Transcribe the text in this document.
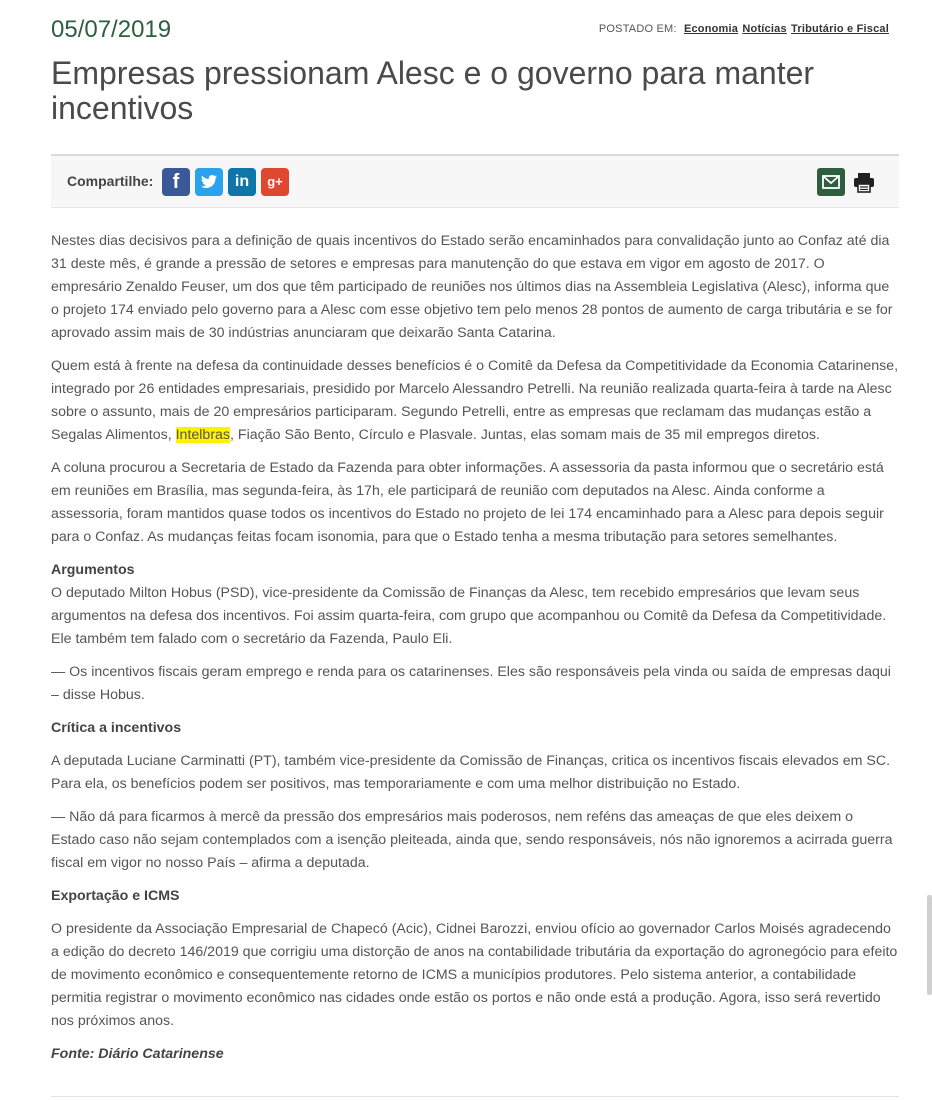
05/07/2019	POSTADO EM: Economia Notícias Tributário e Fiscal
Empresas pressionam Alesc e o governo para manter incentivos
Compartilhe: f	in	g+

Nestes dias decisivos para a definição de quais incentivos do Estado serão encaminhados para convalidação junto ao Confaz até dia 31 deste mês, é grande a pressão de setores e empresas para manutenção do que estava em vigor em agosto de 2017. O empresário Zenaldo Feuser, um dos que têm participado de reuniões nos últimos dias na Assembleia Legislativa (Alesc), informa que o projeto 174 enviado pelo governo para a Alesc com esse objetivo tem pelo menos 28 pontos de aumento de carga tributária e se for aprovado assim mais de 30 indústrias anunciaram que deixarão Santa Catarina.

Quem está à frente na defesa da continuidade desses benefícios é o Comitê da Defesa da Competitividade da Economia Catarinense, integrado por 26 entidades empresariais, presidido por Marcelo Alessandro Petrelli. Na reunião realizada quarta-feira à tarde na Alesc sobre o assunto, mais de 20 empresários participaram. Segundo Petrelli, entre as empresas que reclamam das mudanças estão a Segalas Alimentos, Intelbras, Fiação São Bento, Círculo e Plasvale. Juntas, elas somam mais de 35 mil empregos diretos.

A coluna procurou a Secretaria de Estado da Fazenda para obter informações. A assessoria da pasta informou que o secretário está em reuniões em Brasília, mas segunda-feira, às 17h, ele participará de reunião com deputados na Alesc. Ainda conforme a assessoria, foram mantidos quase todos os incentivos do Estado no projeto de lei 174 encaminhado para a Alesc para depois seguir para o Confaz. As mudanças feitas focam isonomia, para que o Estado tenha a mesma tributação para setores semelhantes.

Argumentos

O deputado Milton Hobus (PSD), vice-presidente da Comissão de Finanças da Alesc, tem recebido empresários que levam seus argumentos na defesa dos incentivos. Foi assim quarta-feira, com grupo que acompanhou ou Comitê da Defesa da Competitividade. Ele também tem falado com o secretário da Fazenda, Paulo Eli.

— Os incentivos fiscais geram emprego e renda para os catarinenses. Eles são responsáveis pela vinda ou saída de empresas daqui – disse Hobus.

Crítica a incentivos

A deputada Luciane Carminatti (PT), também vice-presidente da Comissão de Finanças, critica os incentivos fiscais elevados em SC. Para ela, os benefícios podem ser positivos, mas temporariamente e com uma melhor distribuição no Estado.

— Não dá para ficarmos à mercê da pressão dos empresários mais poderosos, nem reféns das ameaças de que eles deixem o Estado caso não sejam contemplados com a isenção pleiteada, ainda que, sendo responsáveis, nós não ignoremos a acirrada guerra fiscal em vigor no nosso País – afirma a deputada.

Exportação e ICMS

O presidente da Associação Empresarial de Chapecó (Acic), Cidnei Barozzi, enviou ofício ao governador Carlos Moisés agradecendo a edição do decreto 146/2019 que corrigiu uma distorção de anos na contabilidade tributária da exportação do agronegócio para efeito de movimento econômico e consequentemente retorno de ICMS a municípios produtores. Pelo sistema anterior, a contabilidade permitia registrar o movimento econômico nas cidades onde estão os portos e não onde está a produção. Agora, isso será revertido nos próximos anos.

Fonte: Diário Catarinense
